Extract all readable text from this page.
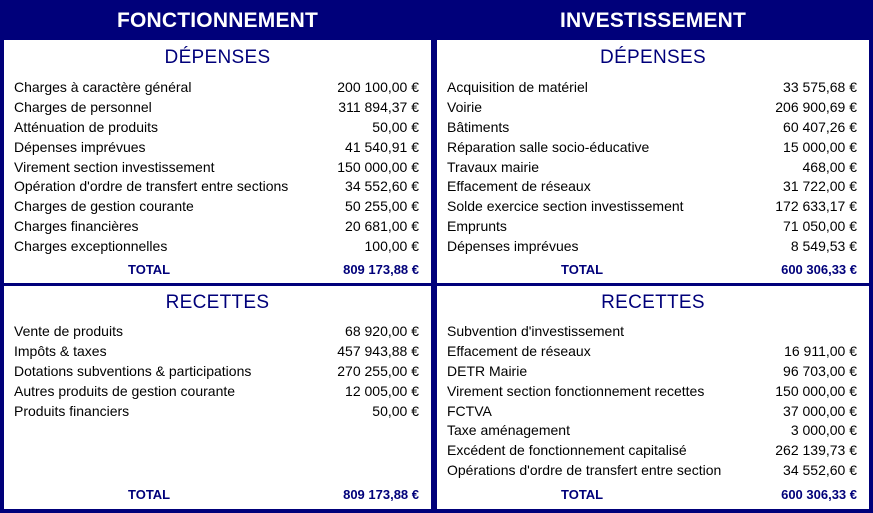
FONCTIONNEMENT	INVESTISSEMENT
DÉPENSES
Charges à caractère général	200 100,00 €
Charges de personnel	311 894,37 €
Atténuation de produits	50,00 €
Dépenses imprévues	41 540,91 €
Virement section investissement	150 000,00 €
Opération d'ordre de transfert entre sections	34 552,60 €
Charges de gestion courante	50 255,00 €
Charges financières	20 681,00 €
Charges exceptionnelles	100,00 €
TOTAL	809 173,88 €
DÉPENSES
Acquisition de matériel	33 575,68 €
Voirie	206 900,69 €
Bâtiments	60 407,26 €
Réparation salle socio-éducative	15 000,00 €
Travaux mairie	468,00 €
Effacement de réseaux	31 722,00 €
Solde exercice section investissement	172 633,17 €
Emprunts	71 050,00 €
Dépenses imprévues	8 549,53 €
TOTAL	600 306,33 €
RECETTES
Vente de produits	68 920,00 €
Impôts & taxes	457 943,88 €
Dotations subventions & participations	270 255,00 €
Autres produits de gestion courante	12 005,00 €
Produits financiers	50,00 €
TOTAL	809 173,88 €
RECETTES
Subvention d'investissement
Effacement de réseaux	16 911,00 €
DETR Mairie	96 703,00 €
Virement section fonctionnement recettes	150 000,00 €
FCTVA	37 000,00 €
Taxe aménagement	3 000,00 €
Excédent de fonctionnement capitalisé	262 139,73 €
Opérations d'ordre de transfert entre section	34 552,60 €
TOTAL	600 306,33 €
